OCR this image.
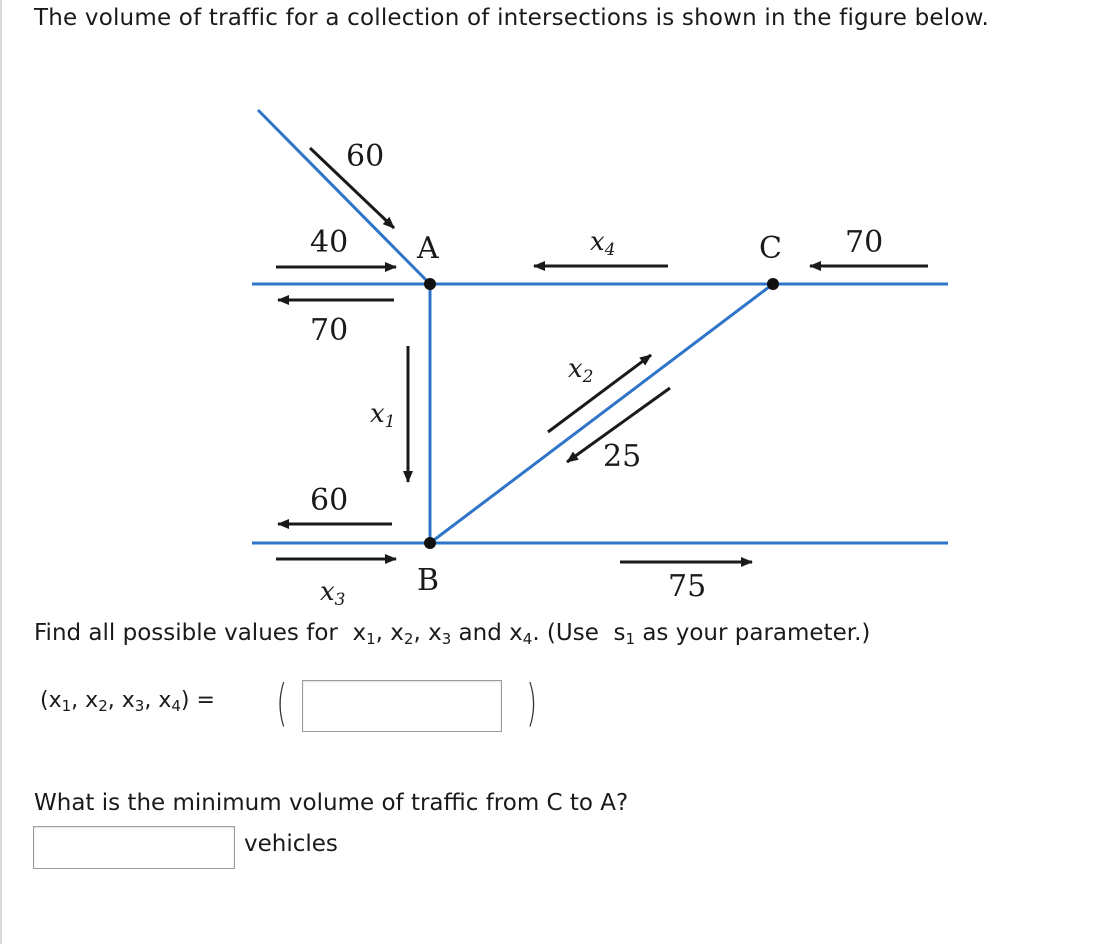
The volume of traffic for a collection of intersections is shown in the figure below.
60
40 A
70
x4	C 70
x2
x1
25
60
B
x3	75
Find all possible values for $x_1$, $x_2$, $x_3$ and $x_4$. (Use  $s_1$ as your parameter.)
($x_1$, $x_2$, $x_3$, $x_4$) = (	)
What is the minimum volume of traffic from C to A?
vehicles
